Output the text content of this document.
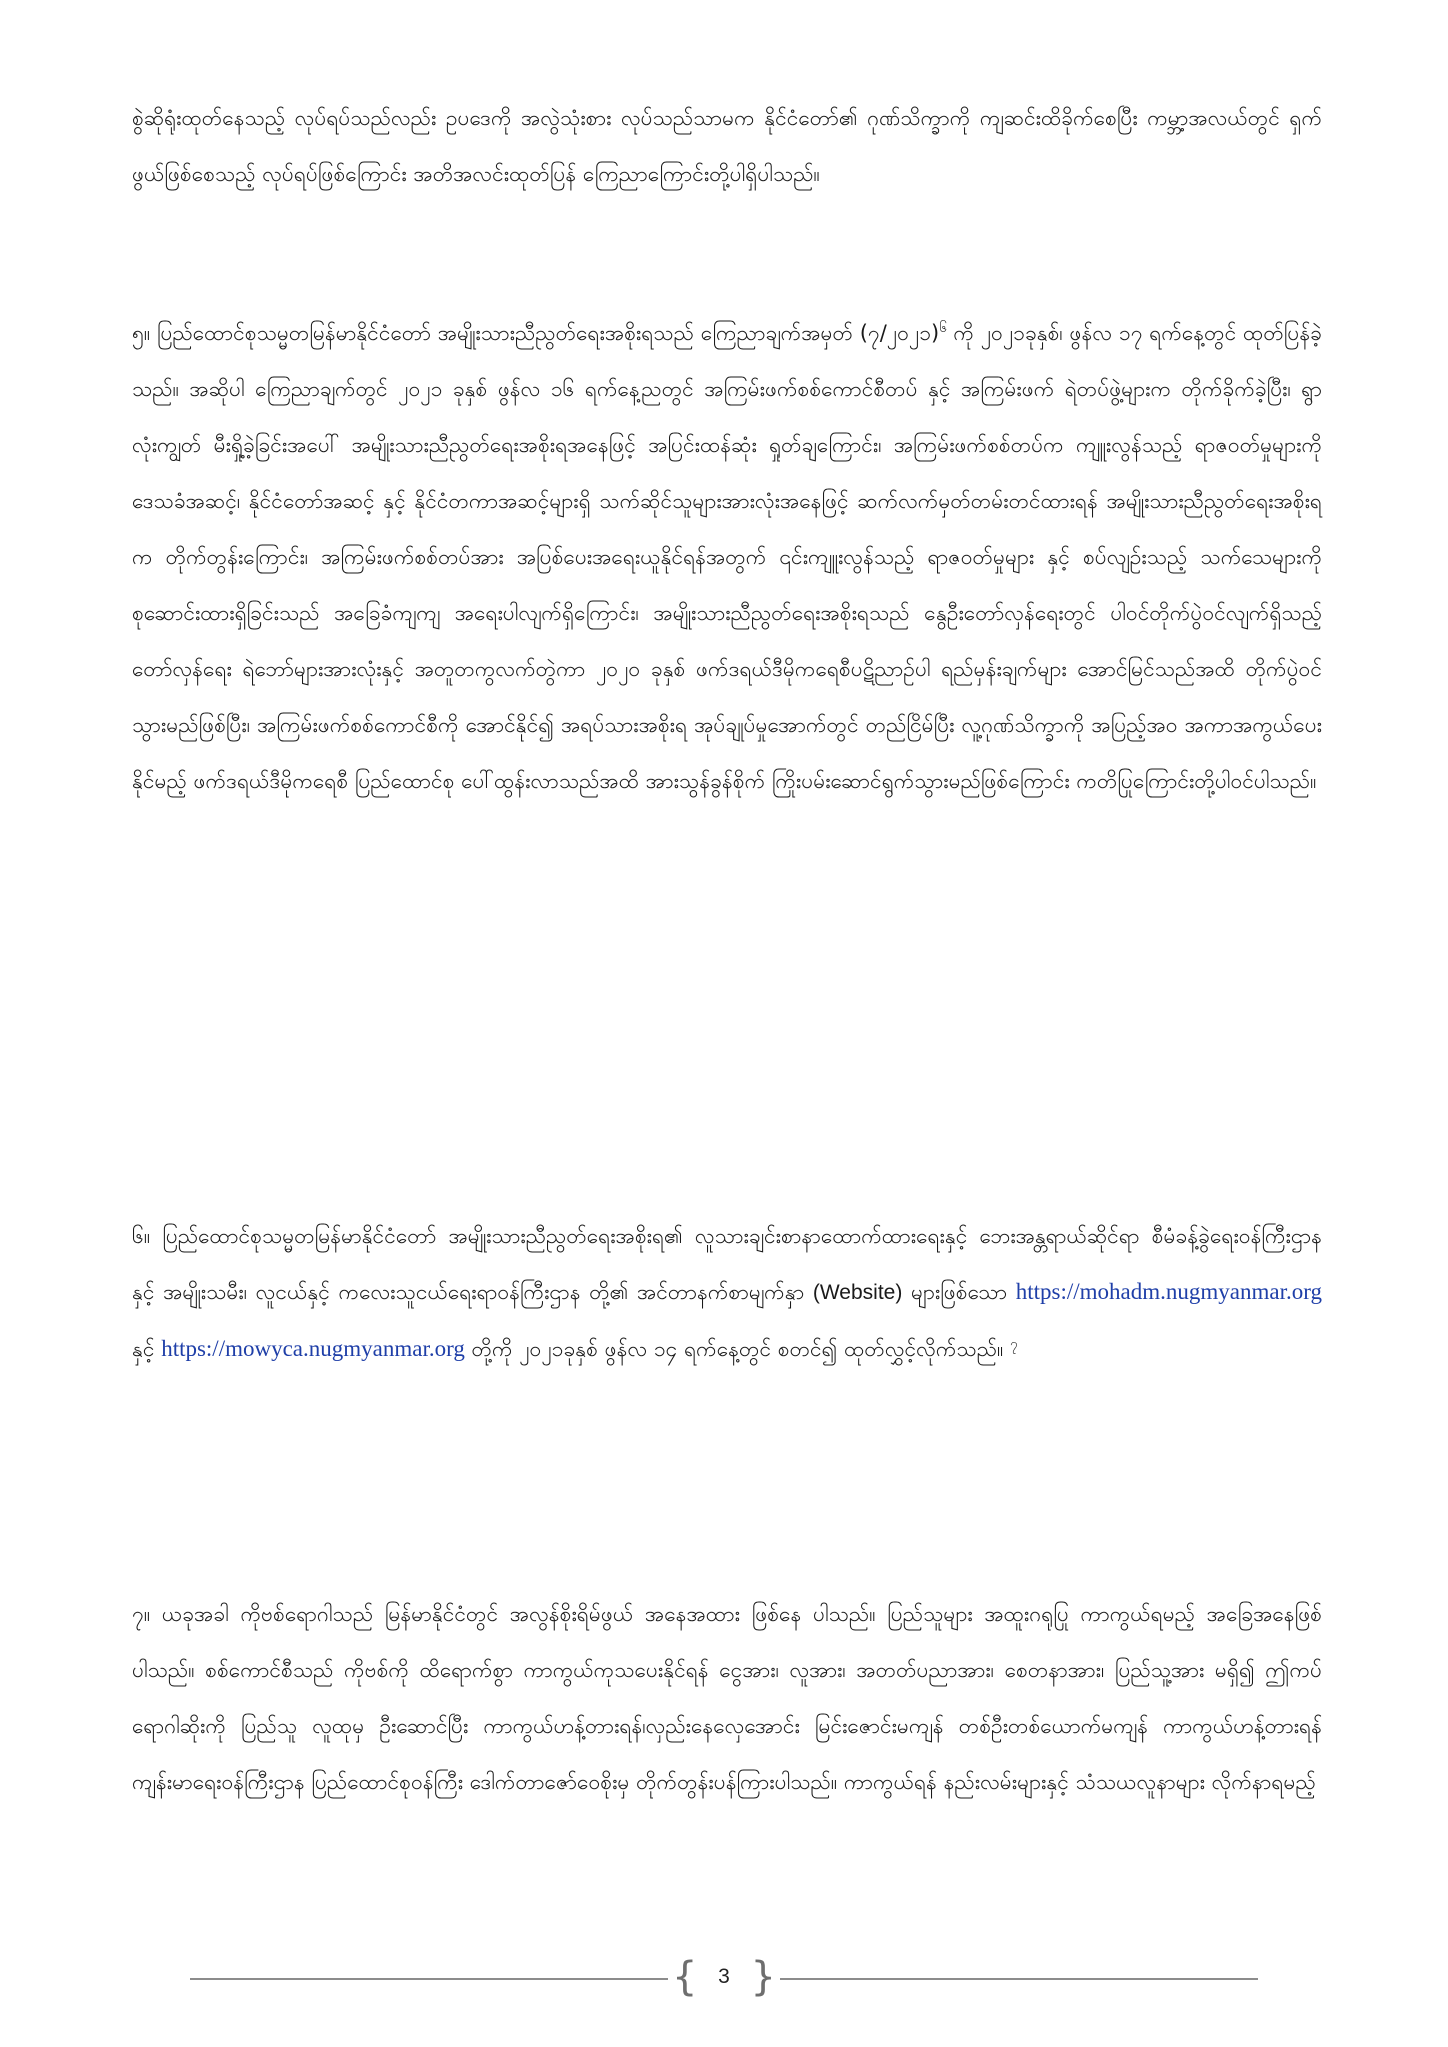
စွဲဆိုရုံးထုတ်နေသည့် လုပ်ရပ်သည်လည်း ဥပဒေကို အလွဲသုံးစား လုပ်သည်သာမက နိုင်ငံတော်၏ ဂုဏ်သိက္ခာကို ကျဆင်းထိခိုက်စေပြီး ကမ္ဘာ့အလယ်တွင် ရှက်ဖွယ်ဖြစ်စေသည့် လုပ်ရပ်ဖြစ်ကြောင်း အတိအလင်းထုတ်ပြန် ကြေညာကြောင်းတို့ပါရှိပါသည်။

၅။ ပြည်ထောင်စုသမ္မတမြန်မာနိုင်ငံတော် အမျိုးသားညီညွတ်ရေးအစိုးရသည် ကြေညာချက်အမှတ် (၇/၂၀၂၁)$^၆$ ကို ၂၀၂၁ခုနှစ်၊ ဖွန်လ ၁၇ ရက်နေ့တွင် ထုတ်ပြန်ခဲ့သည်။ အဆိုပါ ကြေညာချက်တွင် ၂၀၂၁ ခုနှစ် ဖွန်လ ၁၆ ရက်နေ့ညတွင် အကြမ်းဖက်စစ်ကောင်စီတပ် နှင့် အကြမ်းဖက် ရဲတပ်ဖွဲ့များက တိုက်ခိုက်ခဲ့ပြီး၊ ရွာလုံးကျွတ် မီးရှို့ခဲ့ခြင်းအပေါ် အမျိုးသားညီညွတ်ရေးအစိုးရအနေဖြင့် အပြင်းထန်ဆုံး ရှုတ်ချကြောင်း၊ အကြမ်းဖက်စစ်တပ်က ကျူးလွန်သည့် ရာဇဝတ်မှုများကို ဒေသခံအဆင့်၊ နိုင်ငံတော်အဆင့် နှင့် နိုင်ငံတကာအဆင့်များရှိ သက်ဆိုင်သူများအားလုံးအနေဖြင့် ဆက်လက်မှတ်တမ်းတင်ထားရန် အမျိုးသားညီညွတ်ရေးအစိုးရက တိုက်တွန်းကြောင်း၊ အကြမ်းဖက်စစ်တပ်အား အပြစ်ပေးအရေးယူနိုင်ရန်အတွက် ၎င်းကျူးလွန်သည့် ရာဇဝတ်မှုများ နှင့် စပ်လျဉ်းသည့် သက်သေများကို စုဆောင်းထားရှိခြင်းသည် အခြေခံကျကျ အရေးပါလျက်ရှိကြောင်း၊ အမျိုးသားညီညွတ်ရေးအစိုးရသည် နွေဦးတော်လှန်ရေးတွင် ပါဝင်တိုက်ပွဲဝင်လျက်ရှိသည့် တော်လှန်ရေး ရဲဘော်များအားလုံးနှင့် အတူတကွလက်တွဲကာ ၂၀၂၀ ခုနှစ် ဖက်ဒရယ်ဒီမိုကရေစီပဋိညာဉ်ပါ ရည်မှန်းချက်များ အောင်မြင်သည်အထိ တိုက်ပွဲဝင်သွားမည်ဖြစ်ပြီး၊ အကြမ်းဖက်စစ်ကောင်စီကို အောင်နိုင်၍ အရပ်သားအစိုးရ အုပ်ချုပ်မှုအောက်တွင် တည်ငြိမ်ပြီး လူ့ဂုဏ်သိက္ခာကို အပြည့်အဝ အကာအကွယ်ပေးနိုင်မည့် ဖက်ဒရယ်ဒီမိုကရေစီ ပြည်ထောင်စု ပေါ်ထွန်းလာသည်အထိ အားသွန်ခွန်စိုက် ကြိုးပမ်းဆောင်ရွက်သွားမည်ဖြစ်ကြောင်း ကတိပြုကြောင်းတို့ပါဝင်ပါသည်။

၆။ ပြည်ထောင်စုသမ္မတမြန်မာနိုင်ငံတော် အမျိုးသားညီညွတ်ရေးအစိုးရ၏ လူသားချင်းစာနာထောက်ထားရေးနှင့် ဘေးအန္တရာယ်ဆိုင်ရာ စီမံခန့်ခွဲရေးဝန်ကြီးဌာန နှင့် အမျိုးသမီး၊ လူငယ်နှင့် ကလေးသူငယ်ရေးရာဝန်ကြီးဌာန တို့၏ အင်တာနက်စာမျက်နှာ (Website) များဖြစ်သော https://mohadm.nugmyanmar.org နှင့် https://mowyca.nugmyanmar.org တို့ကို ၂၀၂၁ခုနှစ် ဖွန်လ ၁၄ ရက်နေ့တွင် စတင်၍ ထုတ်လွှင့်လိုက်သည်။ $^၇$

၇။ ယခုအခါ ကိုဗစ်ရောဂါသည် မြန်မာနိုင်ငံတွင် အလွန်စိုးရိမ်ဖွယ် အနေအထား ဖြစ်နေ ပါသည်။ ပြည်သူများ အထူးဂရုပြု ကာကွယ်ရမည့် အခြေအနေဖြစ်ပါသည်။ စစ်ကောင်စီသည် ကိုဗစ်ကို ထိရောက်စွာ ကာကွယ်ကုသပေးနိုင်ရန် ငွေအား၊ လူအား၊ အတတ်ပညာအား၊ စေတနာအား၊ ပြည်သူ့အား မရှိ၍ ဤကပ်ရောဂါဆိုးကို ပြည်သူ လူထုမှ ဦးဆောင်ပြီး ကာကွယ်ဟန့်တားရန်၊လှည်းနေလှေအောင်း မြင်းဇောင်းမကျန် တစ်ဦးတစ်ယောက်မကျန် ကာကွယ်ဟန့်တားရန် ကျန်းမာရေးဝန်ကြီးဌာန ပြည်ထောင်စုဝန်ကြီး ဒေါက်တာဇော်ဝေစိုးမှ တိုက်တွန်းပန်ကြားပါသည်။ ကာကွယ်ရန် နည်းလမ်းများနှင့် သံသယလူနာများ လိုက်နာရမည့်

{ 3 }
